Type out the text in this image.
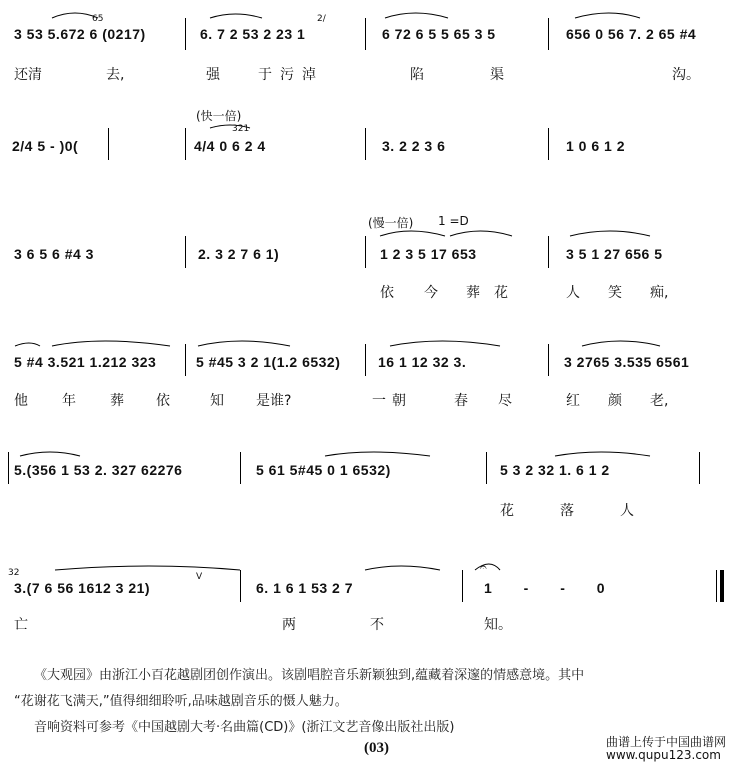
3 53 5.672 6 (0217)
65
6. 7 2 53 2 23 1
2/
6 72 6 5 5 65 3 5	656 0 56 7. 2 65 #4
还清	去,	强	于污淖	陷	渠	沟。
(快一倍)
321
2/4 5 - )0(	4/4 0 6 2 4	3. 2 2 3 6	1 0 6 1 2
(慢一倍) 1 =D
3 6 5 6 #4 3	2. 3 2 7 6 1)	1 2 3 5 17 653	3 5 1 27 656 5
依 今 葬花	人 笑 痴,
5 #4 3.521 1.212 323	5 #45 3 2 1(1.2 6532)	16 1 12 32 3.	3 2765 3.535 6561
他 年 葬 依	知 是谁?	一朝	春 尽	红 颜 老,
5.(356 1 53 2. 327 62276	5 61 5#45 0 1 6532)	5 3 2 32 1. 6 1 2
花	落	人
32	V
3.(7 6 56 1612 3 21)	6. 1 6 1 53 2 7
𝄐
1 - - 0
亡	两	不	知。
《大观园》由浙江小百花越剧团创作演出。该剧唱腔音乐新颖独到,蕴藏着深邃的情感意境。其中
“花谢花飞满天,”值得细细聆听,品味越剧音乐的慑人魅力。
音响资料可参考《中国越剧大考·名曲篇(CD)》(浙江文艺音像出版社出版)
(03)	曲谱上传于中国曲谱网
www.qupu123.com
